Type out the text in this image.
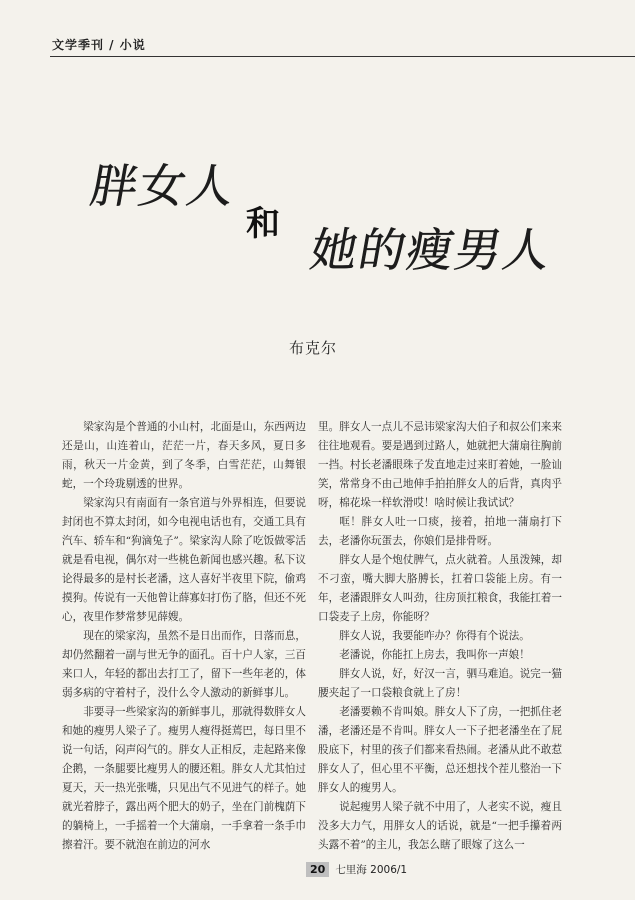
文学季刊 / 小说
胖女人
和 她的瘦男人
布克尔

梁家沟是个普通的小山村，北面是山，东西两边还是山，山连着山，茫茫一片，春天多风，夏日多雨，秋天一片金黄，到了冬季，白雪茫茫，山舞银蛇，一个玲珑剔透的世界。

梁家沟只有南面有一条官道与外界相连，但要说封闭也不算太封闭，如今电视电话也有，交通工具有汽车、轿车和“狗滴兔子”。梁家沟人除了吃饭做零活就是看电视，偶尔对一些桃色新闻也感兴趣。私下议论得最多的是村长老潘，这人喜好半夜里下院，偷鸡摸狗。传说有一天他曾让薛寡妇打伤了胳，但还不死心，夜里作梦常梦见薛嫂。

现在的梁家沟，虽然不是日出而作，日落而息，却仍然翻着一副与世无争的面孔。百十户人家，三百来口人，年轻的都出去打工了，留下一些年老的，体弱多病的守着村子，没什么令人激动的新鲜事儿。

非要寻一些梁家沟的新鲜事儿，那就得数胖女人和她的瘦男人梁子了。瘦男人瘦得挺蔫巴，每日里不说一句话，闷声闷气的。胖女人正相反，走起路来像企鹅，一条腿要比瘦男人的腰还粗。胖女人尤其怕过夏天，天一热光张嘴，只见出气不见进气的样子。她就光着脖子，露出两个肥大的奶子，坐在门前槐荫下的躺椅上，一手摇着一个大蒲扇，一手拿着一条手巾擦着汗。要不就泡在前边的河水

里。胖女人一点儿不忌讳梁家沟大伯子和叔公们来来往往地观看。要是遇到过路人，她就把大蒲扇往胸前一挡。村长老潘眼珠子发直地走过来盯着她，一脸讪笑，常常身不由己地伸手拍拍胖女人的后背，真肉乎呀，棉花垛一样软滑哎！啥时候让我试试？

哐！胖女人吐一口痰，接着，拍地一蒲扇打下去，老潘你玩蛋去，你娘们是排骨呀。

胖女人是个炮仗脾气，点火就着。人虽泼辣，却不刁蛮，嘴大脚大胳膊长，扛着口袋能上房。有一年，老潘跟胖女人叫劲，往房顶扛粮食，我能扛着一口袋麦子上房，你能呀？

胖女人说，我要能咋办？你得有个说法。

老潘说，你能扛上房去，我叫你一声娘！

胖女人说，好，好汉一言，驷马难追。说完一猫腰夹起了一口袋粮食就上了房！

老潘要赖不肯叫娘。胖女人下了房，一把抓住老潘，老潘还是不肯叫。胖女人一下子把老潘坐在了屁股底下，村里的孩子们都来看热闹。老潘从此不敢惹胖女人了，但心里不平衡，总还想找个茬儿整治一下胖女人的瘦男人。

说起瘦男人梁子就不中用了，人老实不说，瘦且没多大力气，用胖女人的话说，就是“一把手攥着两头露不着”的主儿，我怎么瞎了眼嫁了这么一

20 七里海 2006/1
